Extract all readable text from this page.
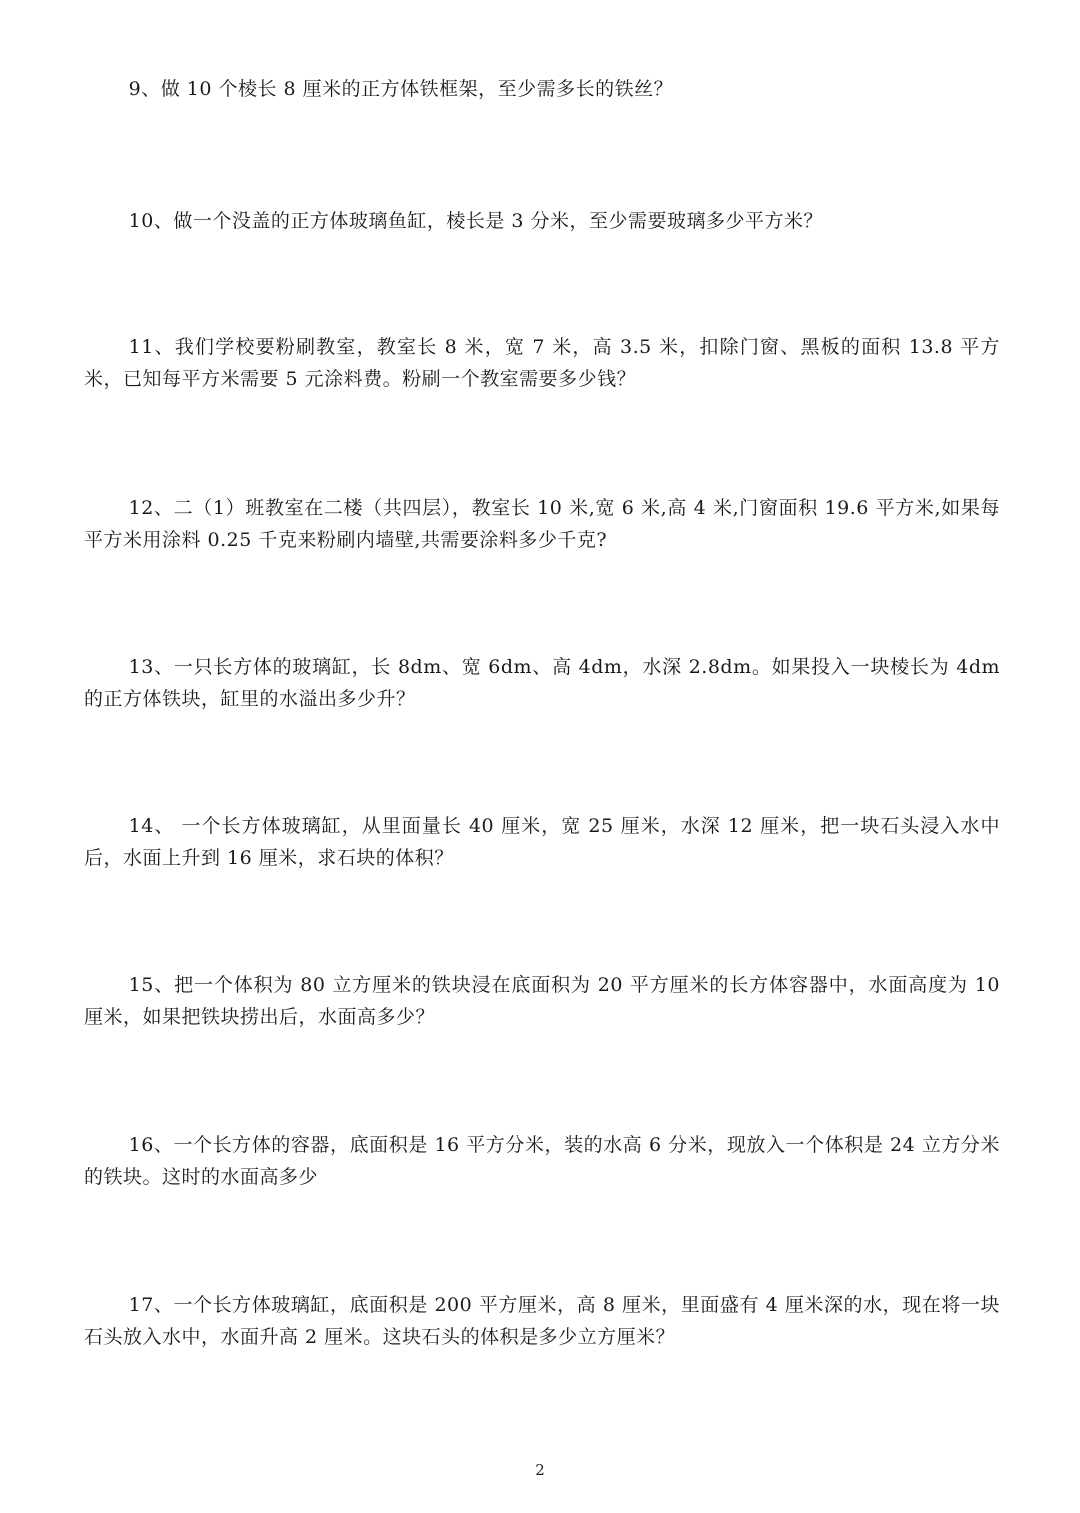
9、做 10 个棱长 8 厘米的正方体铁框架，至少需多长的铁丝？

10、做一个没盖的正方体玻璃鱼缸，棱长是 3 分米，至少需要玻璃多少平方米？

11、我们学校要粉刷教室，教室长 8 米，宽 7 米，高 3.5 米，扣除门窗、黑板的面积 13.8 平方米，已知每平方米需要 5 元涂料费。粉刷一个教室需要多少钱？

12、二（1）班教室在二楼（共四层），教室长 10 米,宽 6 米,高 4 米,门窗面积 19.6 平方米,如果每平方米用涂料 0.25 千克来粉刷内墙壁,共需要涂料多少千克?

13、一只长方体的玻璃缸，长 8dm、宽 6dm、高 4dm，水深 2.8dm。如果投入一块棱长为 4dm 的正方体铁块，缸里的水溢出多少升？

14、 一个长方体玻璃缸，从里面量长 40 厘米，宽 25 厘米，水深 12 厘米，把一块石头浸入水中后，水面上升到 16 厘米，求石块的体积？

15、把一个体积为 80 立方厘米的铁块浸在底面积为 20 平方厘米的长方体容器中，水面高度为 10 厘米，如果把铁块捞出后，水面高多少？

16、一个长方体的容器，底面积是 16 平方分米，装的水高 6 分米，现放入一个体积是 24 立方分米的铁块。这时的水面高多少

17、一个长方体玻璃缸，底面积是 200 平方厘米，高 8 厘米，里面盛有 4 厘米深的水，现在将一块石头放入水中，水面升高 2 厘米。这块石头的体积是多少立方厘米？

2
